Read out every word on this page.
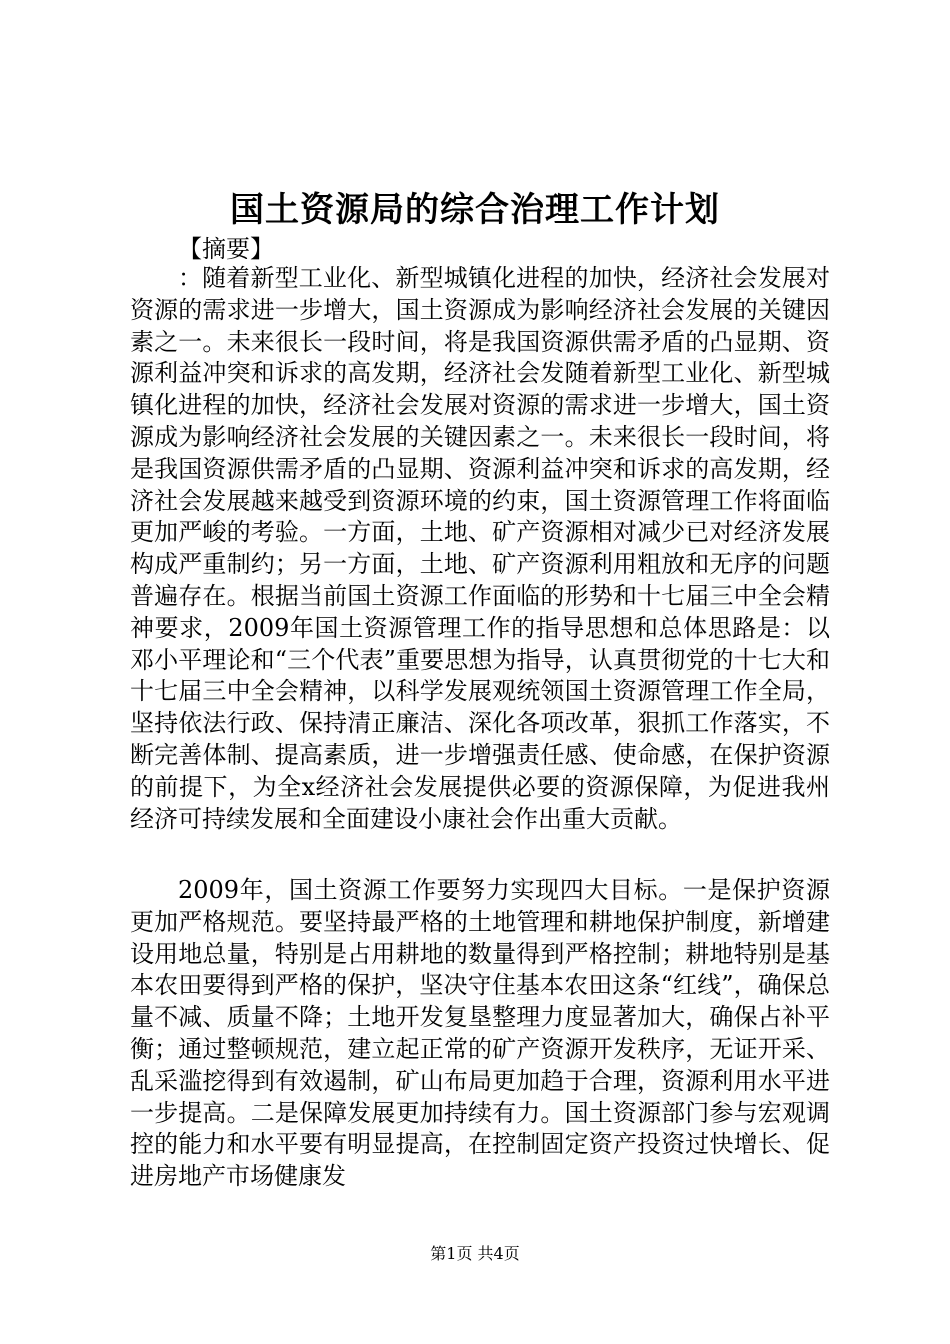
国土资源局的综合治理工作计划
【摘要】

：随着新型工业化、新型城镇化进程的加快，经济社会发展对资源的需求进一步增大，国土资源成为影响经济社会发展的关键因素之一。未来很长一段时间，将是我国资源供需矛盾的凸显期、资源利益冲突和诉求的高发期，经济社会发随着新型工业化、新型城镇化进程的加快，经济社会发展对资源的需求进一步增大，国土资源成为影响经济社会发展的关键因素之一。未来很长一段时间，将是我国资源供需矛盾的凸显期、资源利益冲突和诉求的高发期，经济社会发展越来越受到资源环境的约束，国土资源管理工作将面临更加严峻的考验。一方面，土地、矿产资源相对减少已对经济发展构成严重制约；另一方面，土地、矿产资源利用粗放和无序的问题普遍存在。根据当前国土资源工作面临的形势和十七届三中全会精神要求，2009年国土资源管理工作的指导思想和总体思路是：以邓小平理论和“三个代表”重要思想为指导，认真贯彻党的十七大和十七届三中全会精神，以科学发展观统领国土资源管理工作全局，坚持依法行政、保持清正廉洁、深化各项改革，狠抓工作落实，不断完善体制、提高素质，进一步增强责任感、使命感，在保护资源的前提下，为全x经济社会发展提供必要的资源保障，为促进我州经济可持续发展和全面建设小康社会作出重大贡献。

2009年，国土资源工作要努力实现四大目标。一是保护资源更加严格规范。要坚持最严格的土地管理和耕地保护制度，新增建设用地总量，特别是占用耕地的数量得到严格控制；耕地特别是基本农田要得到严格的保护，坚决守住基本农田这条“红线”，确保总量不减、质量不降；土地开发复垦整理力度显著加大，确保占补平衡；通过整顿规范，建立起正常的矿产资源开发秩序，无证开采、乱采滥挖得到有效遏制，矿山布局更加趋于合理，资源利用水平进一步提高。二是保障发展更加持续有力。国土资源部门参与宏观调控的能力和水平要有明显提高，在控制固定资产投资过快增长、促进房地产市场健康发

第1页 共4页
